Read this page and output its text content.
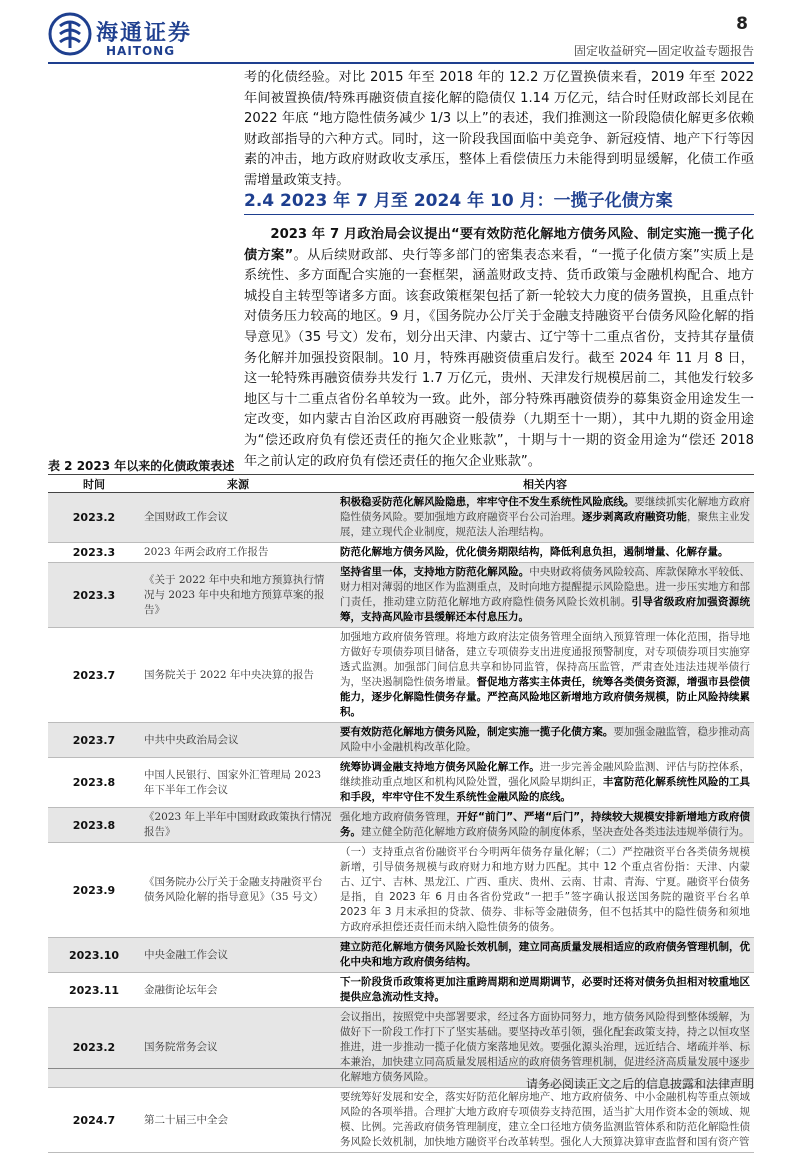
海通证券
HAITONG
8
固定收益研究—固定收益专题报告

考的化债经验。对比 2015 年至 2018 年的 12.2 万亿置换债来看，2019 年至 2022 年间被置换债/特殊再融资债直接化解的隐债仅 1.14 万亿元，结合时任财政部长刘昆在 2022 年底 “地方隐性债务减少 1/3 以上”的表述，我们推测这一阶段隐债化解更多依赖财政部指导的六种方式。同时，这一阶段我国面临中美竞争、新冠疫情、地产下行等因素的冲击，地方政府财政收支承压，整体上看偿债压力未能得到明显缓解，化债工作亟需增量政策支持。

2.4 2023 年 7 月至 2024 年 10 月：一揽子化债方案

2023 年 7 月政治局会议提出“要有效防范化解地方债务风险、制定实施一揽子化债方案”。从后续财政部、央行等多部门的密集表态来看，“一揽子化债方案”实质上是系统性、多方面配合实施的一套框架，涵盖财政支持、货币政策与金融机构配合、地方城投自主转型等诸多方面。该套政策框架包括了新一轮较大力度的债务置换，且重点针对债务压力较高的地区。9 月，《国务院办公厅关于金融支持融资平台债务风险化解的指导意见》（35 号文）发布，划分出天津、内蒙古、辽宁等十二重点省份，支持其存量债务化解并加强投资限制。10 月，特殊再融资债重启发行。截至 2024 年 11 月 8 日，这一轮特殊再融资债券共发行 1.7 万亿元，贵州、天津发行规模居前二，其他发行较多地区与十二重点省份名单较为一致。此外，部分特殊再融资债券的募集资金用途发生一定改变，如内蒙古自治区政府再融资一般债券（九期至十一期），其中九期的资金用途为“偿还政府负有偿还责任的拖欠企业账款”，十期与十一期的资金用途为“偿还 2018 年之前认定的政府负有偿还责任的拖欠企业账款”。

表 2 2023 年以来的化债政策表述
时间	来源	相关内容
2023.2	全国财政工作会议	积极稳妥防范化解风险隐患，牢牢守住不发生系统性风险底线。要继续抓实化解地方政府隐性债务风险。要加强地方政府融资平台公司治理。逐步剥离政府融资功能，聚焦主业发展，建立现代企业制度，规范法人治理结构。
2023.3	2023 年两会政府工作报告	防范化解地方债务风险，优化债务期限结构，降低利息负担，遏制增量、化解存量。
2023.3	《关于 2022 年中央和地方预算执行情况与 2023 年中央和地方预算草案的报告》	坚持省里一体，支持地方防范化解风险。中央财政将债务风险较高、库款保障水平较低、财力相对薄弱的地区作为监测重点，及时向地方提醒提示风险隐患。进一步压实地方和部门责任，推动建立防范化解地方政府隐性债务风险长效机制。引导省级政府加强资源统筹，支持高风险市县缓解还本付息压力。
2023.7	国务院关于 2022 年中央决算的报告	加强地方政府债务管理。将地方政府法定债务管理全面纳入预算管理一体化范围，指导地方做好专项债券项目储备，建立专项债券支出进度通报预警制度，对专项债券项目实施穿透式监测。加强部门间信息共享和协同监管，保持高压监管，严肃查处违法违规举债行为，坚决遏制隐性债务增量。督促地方落实主体责任，统筹各类债务资源，增强市县偿债能力，逐步化解隐性债务存量。严控高风险地区新增地方政府债务规模，防止风险持续累积。
2023.7	中共中央政治局会议	要有效防范化解地方债务风险，制定实施一揽子化债方案。要加强金融监管，稳步推动高风险中小金融机构改革化险。
2023.8	中国人民银行、国家外汇管理局 2023 年下半年工作会议	统筹协调金融支持地方债务风险化解工作。进一步完善金融风险监测、评估与防控体系，继续推动重点地区和机构风险处置，强化风险早期纠正，丰富防范化解系统性风险的工具和手段，牢牢守住不发生系统性金融风险的底线。
2023.8	《2023 年上半年中国财政政策执行情况报告》	强化地方政府债务管理，开好“前门”、严堵“后门”，持续较大规模安排新增地方政府债务。建立健全防范化解地方政府债务风险的制度体系，坚决查处各类违法违规举债行为。
2023.9	《国务院办公厅关于金融支持融资平台债务风险化解的指导意见》（35 号文）	（一）支持重点省份融资平台今明两年债务存量化解；（二）严控融资平台各类债务规模新增，引导债务规模与政府财力和地方财力匹配。其中 12 个重点省份指：天津、内蒙古、辽宁、吉林、黑龙江、广西、重庆、贵州、云南、甘肃、青海、宁夏。融资平台债务是指，自 2023 年 6 月由各省份党政“一把手”签字确认报送国务院的融资平台名单 2023 年 3 月末承担的贷款、债券、非标等金融债务，但不包括其中的隐性债务和须地方政府承担偿还责任而未纳入隐性债务的债务。
2023.10	中央金融工作会议	建立防范化解地方债务风险长效机制，建立同高质量发展相适应的政府债务管理机制，优化中央和地方政府债务结构。
2023.11	金融街论坛年会	下一阶段货币政策将更加注重跨周期和逆周期调节，必要时还将对债务负担相对较重地区提供应急流动性支持。
2023.2	国务院常务会议	会议指出，按照党中央部署要求，经过各方面协同努力，地方债务风险得到整体缓解，为做好下一阶段工作打下了坚实基础。要坚持改革引领，强化配套政策支持，持之以恒攻坚推进，进一步推动一揽子化债方案落地见效。要强化源头治理，远近结合、堵疏并举、标本兼治，加快建立同高质量发展相适应的政府债务管理机制，促进经济高质量发展中逐步化解地方债务风险。
2024.7	第二十届三中全会	要统筹好发展和安全，落实好防范化解房地产、地方政府债务、中小金融机构等重点领域风险的各项举措。合理扩大地方政府专项债券支持范围，适当扩大用作资本金的领域、规模、比例。完善政府债务管理制度，建立全口径地方债务监测监管体系和防范化解隐性债务风险长效机制，加快地方融资平台改革转型。强化人大预算决算审查监督和国有资产管
请务必阅读正文之后的信息披露和法律声明
